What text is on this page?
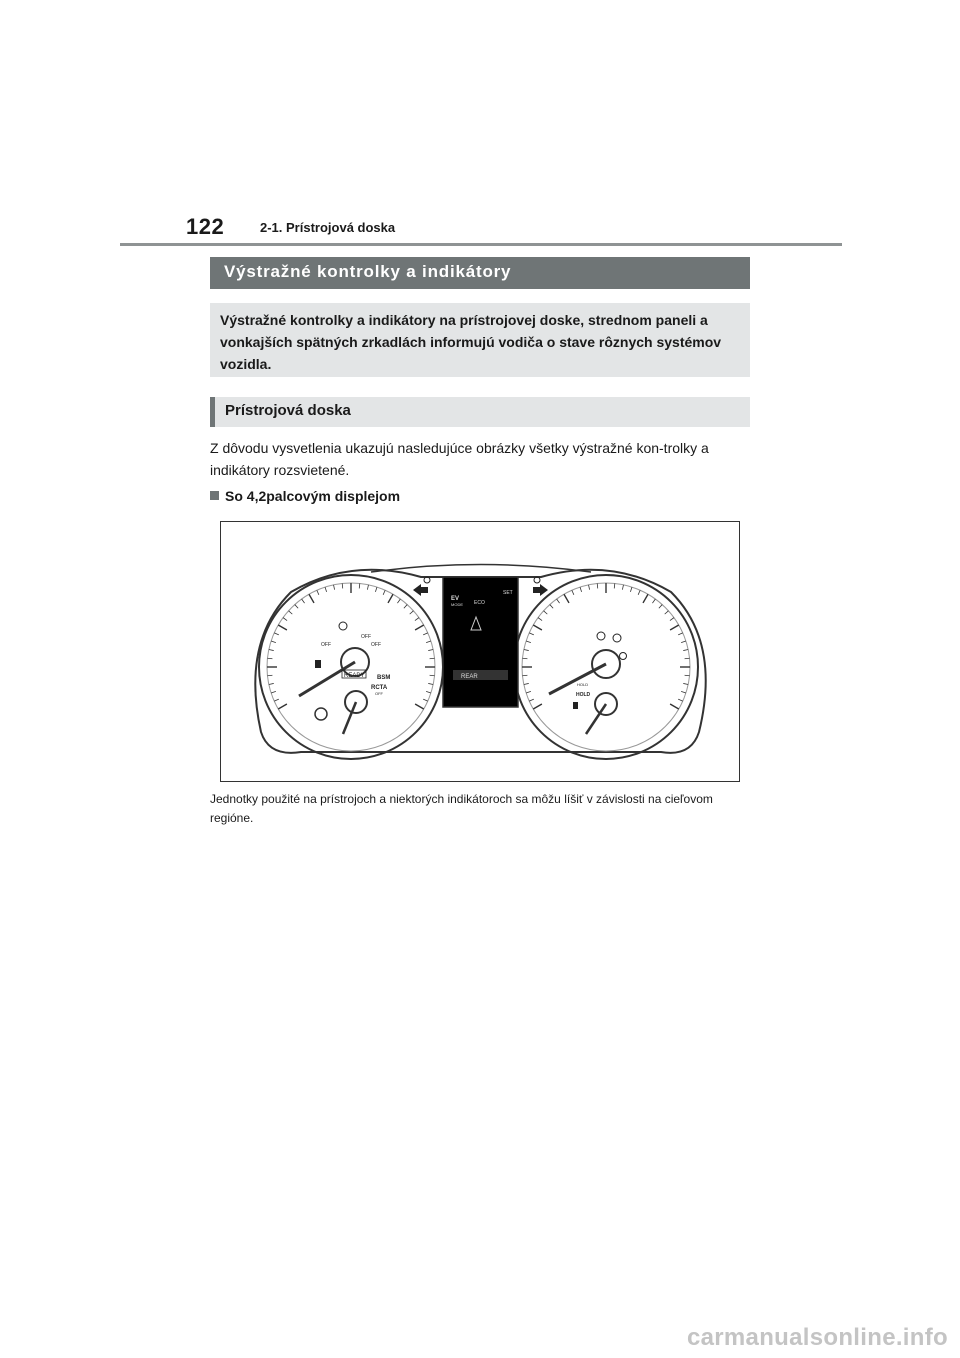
122	2-1. Prístrojová doska
Výstražné kontrolky a indikátory
Výstražné kontrolky a indikátory na prístrojovej doske, strednom paneli a vonkajších spätných zrkadlách informujú vodiča o stave rôznych systémov vozidla.
Prístrojová doska
Z dôvodu vysvetlenia ukazujú nasledujúce obrázky všetky výstražné kon-trolky a indikátory rozsvietené.
So 4,2palcovým displejom
REAR
EV
MODE ECO
SET
OFF
OFF
OFF
READY BSM
RCTA
OFF
HOLD
HOLD
Jednotky použité na prístrojoch a niektorých indikátoroch sa môžu líšiť v závislosti na cieľovom regióne.
carmanualsonline.info
